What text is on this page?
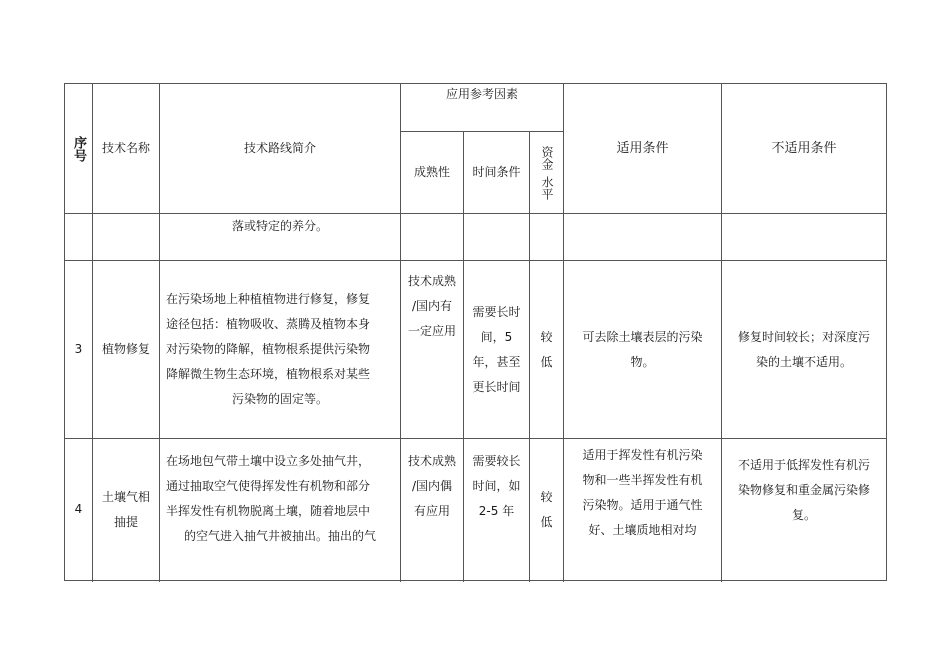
序号 技术名称	技术路线简介
应用参考因素
成熟性 时间条件
资金
水平
适用条件	不适用条件
落或特定的养分。
3 植物修复
在污染场地上种植植物进行修复，修复
途径包括：植物吸收、蒸腾及植物本身
对污染物的降解，植物根系提供污染物
降解微生物生态环境，植物根系对某些
污染物的固定等。
技术成熟
/国内有
一定应用
需要长时
间，5
年，甚至
更长时间
较
低
可去除土壤表层的污染
物。
修复时间较长；对深度污
染的土壤不适用。
4
土壤气相
抽提
在场地包气带土壤中设立多处抽气井，
通过抽取空气使得挥发性有机物和部分
半挥发性有机物脱离土壤，随着地层中
的空气进入抽气井被抽出。抽出的气
技术成熟
/国内偶
有应用
需要较长
时间，如
2-5 年
较
低
适用于挥发性有机污染
物和一些半挥发性有机
污染物。适用于通气性
好、土壤质地相对均
不适用于低挥发性有机污
染物修复和重金属污染修
复。
